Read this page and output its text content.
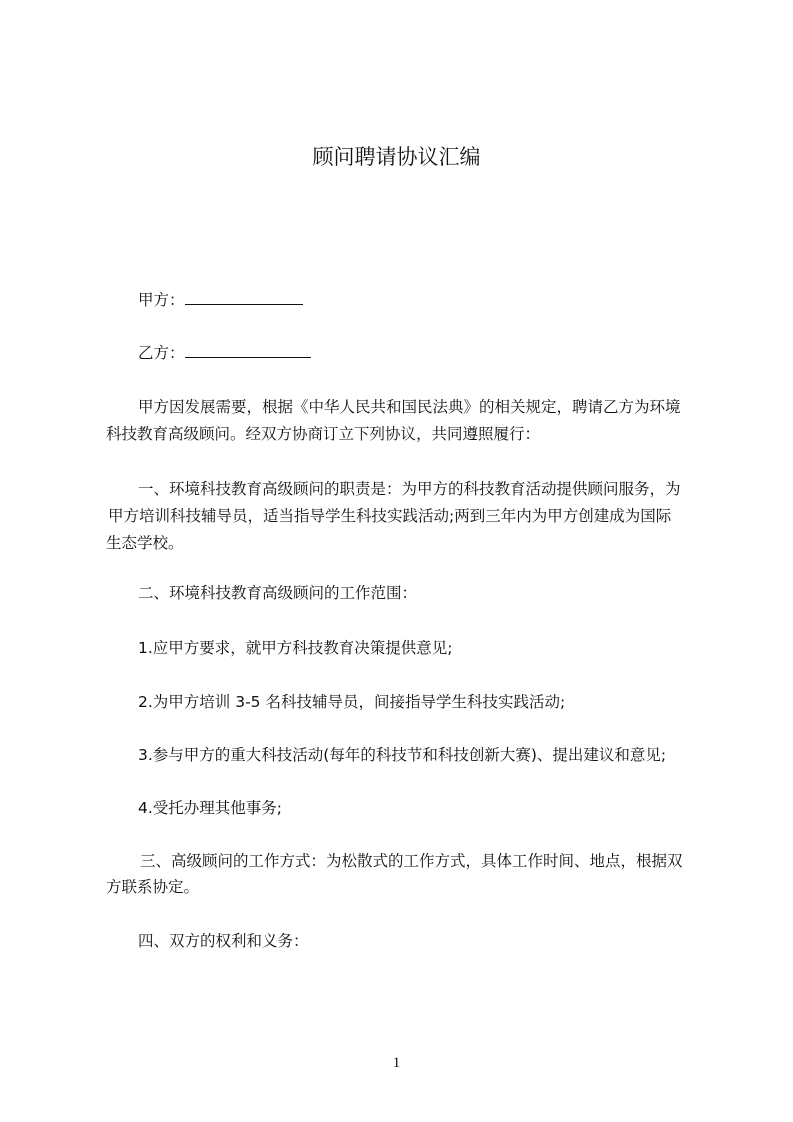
顾问聘请协议汇编
甲方：
乙方：
甲方因发展需要，根据《中华人民共和国民法典》的相关规定，聘请乙方为环境
科技教育高级顾问。经双方协商订立下列协议，共同遵照履行：
一、环境科技教育高级顾问的职责是：为甲方的科技教育活动提供顾问服务，为
甲方培训科技辅导员，适当指导学生科技实践活动;两到三年内为甲方创建成为国际
生态学校。
二、环境科技教育高级顾问的工作范围：
1.应甲方要求，就甲方科技教育决策提供意见;
2.为甲方培训 3-5 名科技辅导员，间接指导学生科技实践活动;
3.参与甲方的重大科技活动(每年的科技节和科技创新大赛)、提出建议和意见;
4.受托办理其他事务;
三、高级顾问的工作方式：为松散式的工作方式，具体工作时间、地点，根据双
方联系协定。
四、双方的权利和义务：
1
